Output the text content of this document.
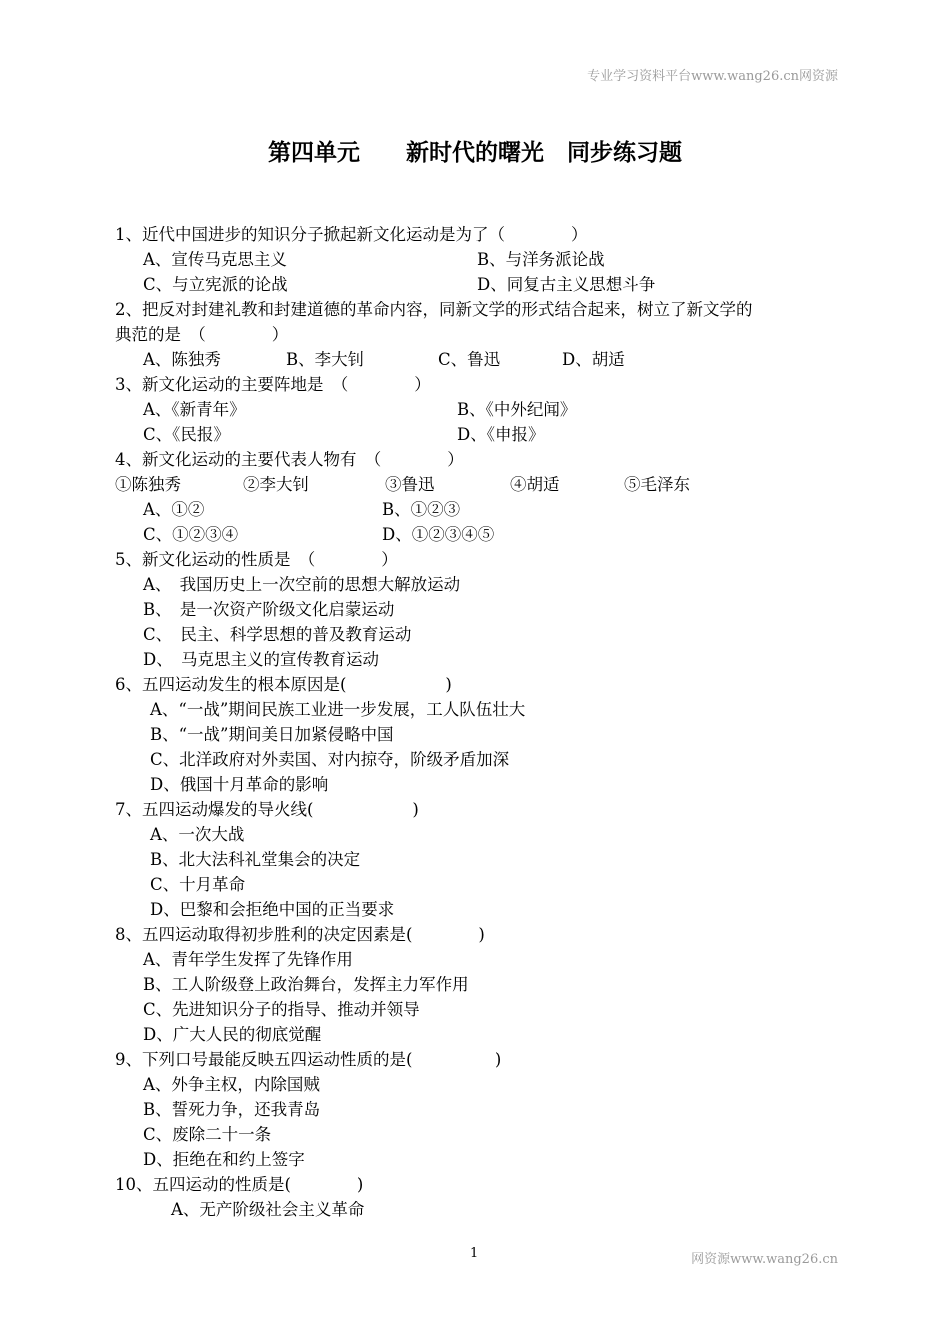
专业学习资料平台www.wang26.cn网资源
第四单元　　新时代的曙光　同步练习题
1、近代中国进步的知识分子掀起新文化运动是为了（　　　　）
A、宣传马克思主义	B、与洋务派论战
C、与立宪派的论战	D、同复古主义思想斗争
2、把反对封建礼教和封建道德的革命内容，同新文学的形式结合起来，树立了新文学的
典范的是　（　　　　）
A、陈独秀	B、李大钊	C、鲁迅	D、胡适
3、新文化运动的主要阵地是　（　　　　）
A、《新青年》	B、《中外纪闻》
C、《民报》	D、《申报》
4、新文化运动的主要代表人物有　（　　　　）
①陈独秀	②李大钊	③鲁迅	④胡适	⑤毛泽东
A、①②	B、①②③
C、①②③④	D、①②③④⑤
5、新文化运动的性质是　（　　　　）
A、　我国历史上一次空前的思想大解放运动
B、　是一次资产阶级文化启蒙运动
C、　民主、科学思想的普及教育运动
D、　马克思主义的宣传教育运动
6、五四运动发生的根本原因是(　　　　　　)
A、“一战”期间民族工业进一步发展，工人队伍壮大
B、“一战”期间美日加紧侵略中国
C、北洋政府对外卖国、对内掠夺，阶级矛盾加深
D、俄国十月革命的影响
7、五四运动爆发的导火线(　　　　　　)
A、一次大战
B、北大法科礼堂集会的决定
C、十月革命
D、巴黎和会拒绝中国的正当要求
8、五四运动取得初步胜利的决定因素是(　　　　)
A、青年学生发挥了先锋作用
B、工人阶级登上政治舞台，发挥主力军作用
C、先进知识分子的指导、推动并领导
D、广大人民的彻底觉醒
9、下列口号最能反映五四运动性质的是(　　　　　)
A、外争主权，内除国贼
B、誓死力争，还我青岛
C、废除二十一条
D、拒绝在和约上签字
10、五四运动的性质是(　　　　)
A、无产阶级社会主义革命
1	网资源www.wang26.cn
